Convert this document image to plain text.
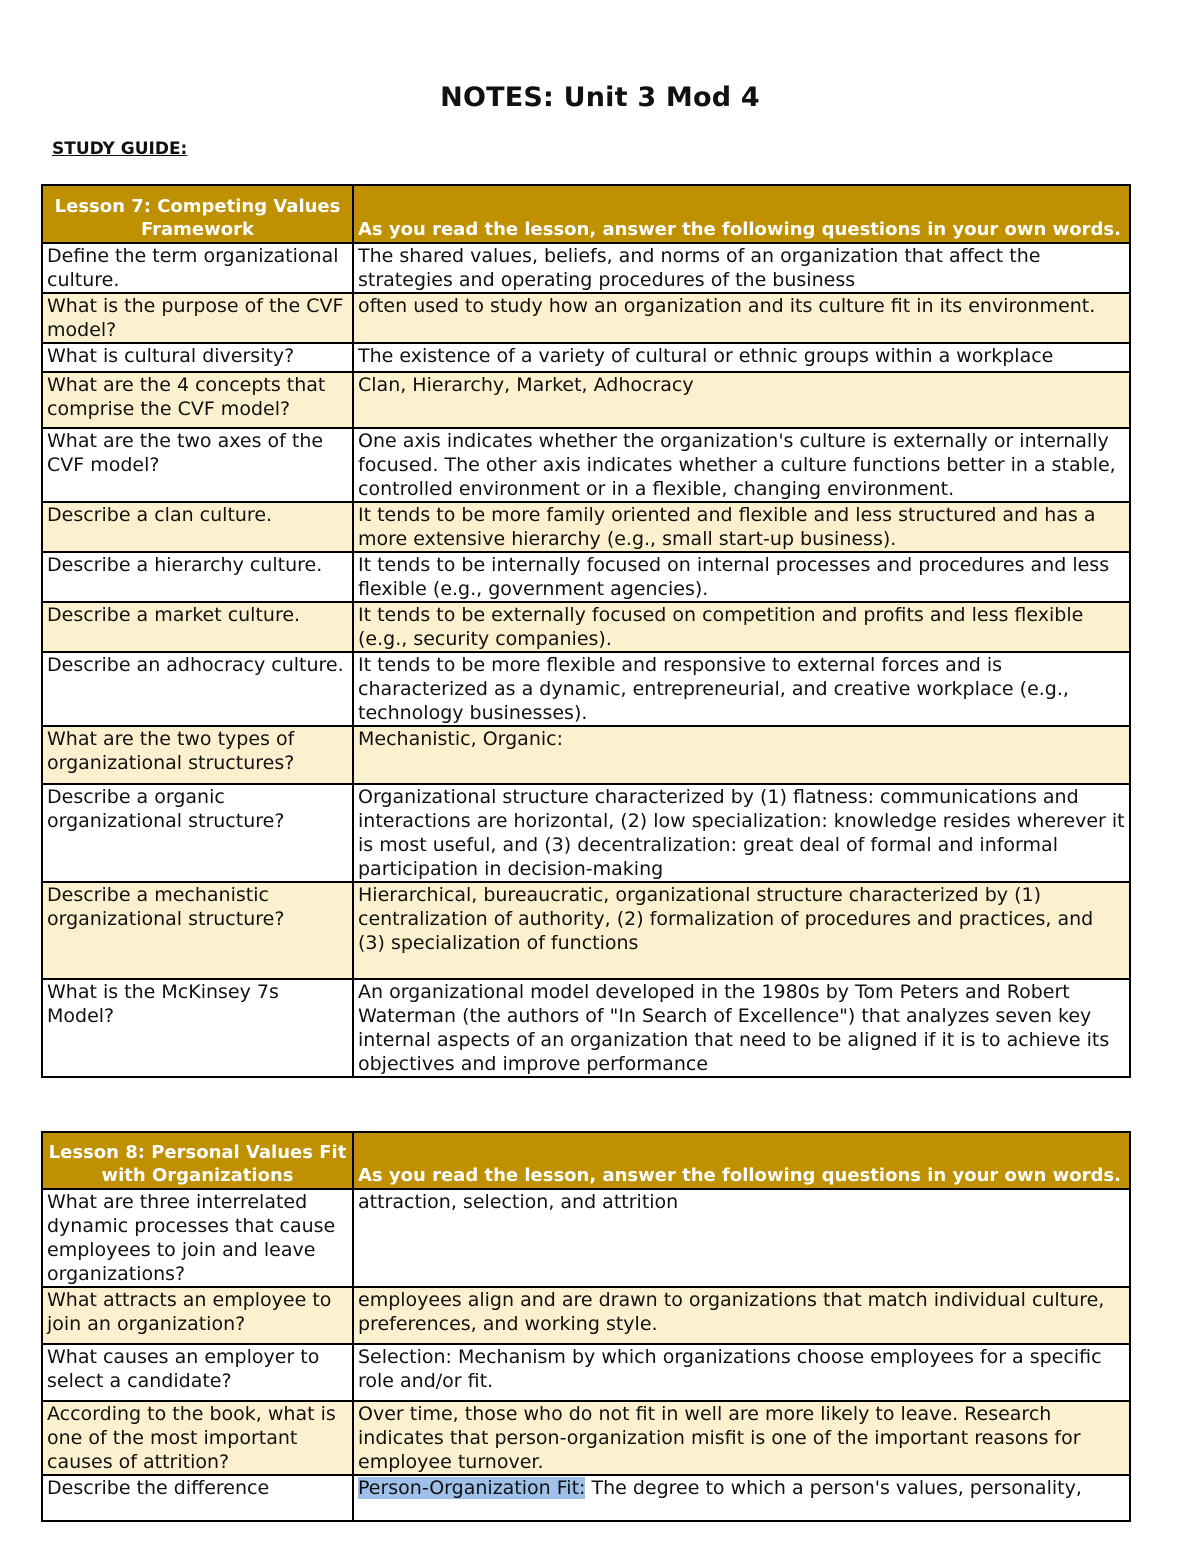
NOTES: Unit 3 Mod 4
STUDY GUIDE:
Lesson 7: Competing Values Framework	As you read the lesson, answer the following questions in your own words.
Define the term organizational culture.	The shared values, beliefs, and norms of an organization that affect the strategies and operating procedures of the business
What is the purpose of the CVF model?	often used to study how an organization and its culture fit in its environment.
What is cultural diversity?	The existence of a variety of cultural or ethnic groups within a workplace
What are the 4 concepts that comprise the CVF model?	Clan, Hierarchy, Market, Adhocracy
What are the two axes of the CVF model?	One axis indicates whether the organization's culture is externally or internally focused. The other axis indicates whether a culture functions better in a stable, controlled environment or in a flexible, changing environment.
Describe a clan culture.	It tends to be more family oriented and flexible and less structured and has a more extensive hierarchy (e.g., small start-up business).
Describe a hierarchy culture.	It tends to be internally focused on internal processes and procedures and less flexible (e.g., government agencies).
Describe a market culture.	It tends to be externally focused on competition and profits and less flexible (e.g., security companies).
Describe an adhocracy culture.	It tends to be more flexible and responsive to external forces and is characterized as a dynamic, entrepreneurial, and creative workplace (e.g., technology businesses).
What are the two types of organizational structures?	Mechanistic, Organic:
Describe a organic organizational structure?	Organizational structure characterized by (1) flatness: communications and interactions are horizontal, (2) low specialization: knowledge resides wherever it is most useful, and (3) decentralization: great deal of formal and informal participation in decision-making
Describe a mechanistic organizational structure?	Hierarchical, bureaucratic, organizational structure characterized by (1) centralization of authority, (2) formalization of procedures and practices, and (3) specialization of functions
What is the McKinsey 7s Model?	An organizational model developed in the 1980s by Tom Peters and Robert Waterman (the authors of "In Search of Excellence") that analyzes seven key internal aspects of an organization that need to be aligned if it is to achieve its objectives and improve performance
Lesson 8: Personal Values Fit with Organizations	As you read the lesson, answer the following questions in your own words.
What are three interrelated dynamic processes that cause employees to join and leave organizations?	attraction, selection, and attrition
What attracts an employee to join an organization?	employees align and are drawn to organizations that match individual culture, preferences, and working style.
What causes an employer to select a candidate?	Selection: Mechanism by which organizations choose employees for a specific role and/or fit.
According to the book, what is one of the most important causes of attrition?	Over time, those who do not fit in well are more likely to leave. Research indicates that person-organization misfit is one of the important reasons for employee turnover.
Describe the difference	Person-Organization Fit: The degree to which a person's values, personality,
